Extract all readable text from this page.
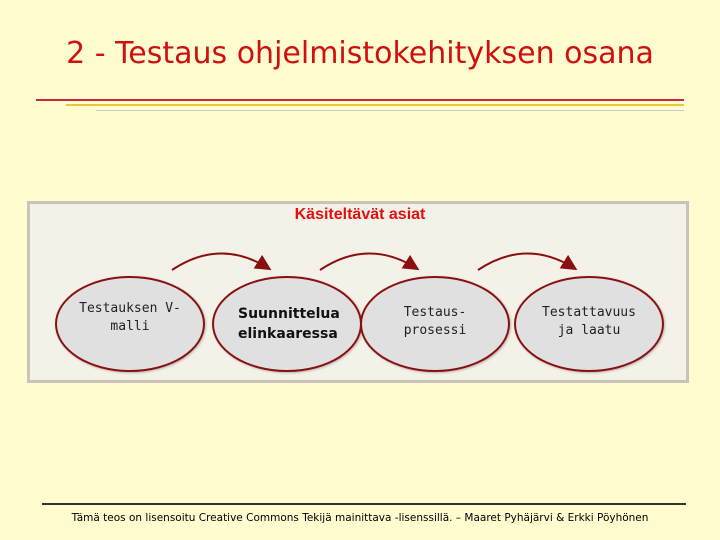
2 - Testaus ohjelmistokehityksen osana
Käsiteltävät asiat
Testauksen V-
malli
Suunnittelua
elinkaaressa
Testaus-
prosessi
Testattavuus
ja laatu
Tämä teos on lisensoitu Creative Commons Tekijä mainittava -lisenssillä. – Maaret Pyhäjärvi & Erkki Pöyhönen
